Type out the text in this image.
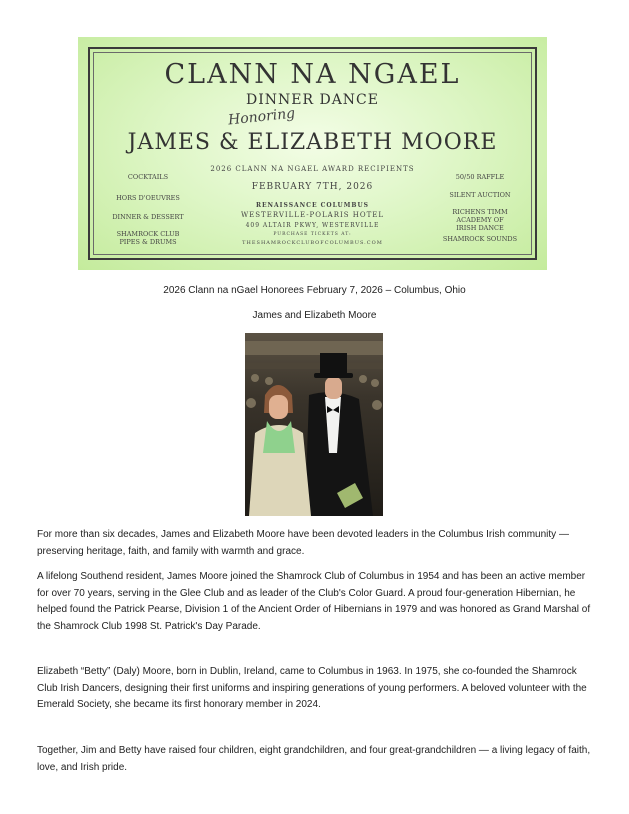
CLANN NA NGAEL
DINNER DANCE
Honoring
JAMES & ELIZABETH MOORE
2026 CLANN NA NGAEL AWARD RECIPIENTS
FEBRUARY 7TH, 2026
RENAISSANCE COLUMBUS
WESTERVILLE-POLARIS HOTEL
409 ALTAIR PKWY, WESTERVILLE
PURCHASE TICKETS AT:
THESHAMROCKCLUBOFCOLUMBUS.COM
COCKTAILS
HORS D'OEUVRES
DINNER & DESSERT
SHAMROCK CLUB
PIPES & DRUMS
50/50 RAFFLE
SILENT AUCTION
RICHENS TIMM
ACADEMY OF
IRISH DANCE
SHAMROCK SOUNDS
2026 Clann na nGael Honorees February 7, 2026 – Columbus, Ohio
James and Elizabeth Moore

For more than six decades, James and Elizabeth Moore have been devoted leaders in the Columbus Irish community — preserving heritage, faith, and family with warmth and grace.

A lifelong Southend resident, James Moore joined the Shamrock Club of Columbus in 1954 and has been an active member for over 70 years, serving in the Glee Club and as leader of the Club's Color Guard. A proud four-generation Hibernian, he helped found the Patrick Pearse, Division 1 of the Ancient Order of Hibernians in 1979 and was honored as Grand Marshal of the Shamrock Club 1998 St. Patrick's Day Parade.

Elizabeth “Betty” (Daly) Moore, born in Dublin, Ireland, came to Columbus in 1963. In 1975, she co-founded the Shamrock Club Irish Dancers, designing their first uniforms and inspiring generations of young performers. A beloved volunteer with the Emerald Society, she became its first honorary member in 2024.

Together, Jim and Betty have raised four children, eight grandchildren, and four great-grandchildren — a living legacy of faith, love, and Irish pride.
